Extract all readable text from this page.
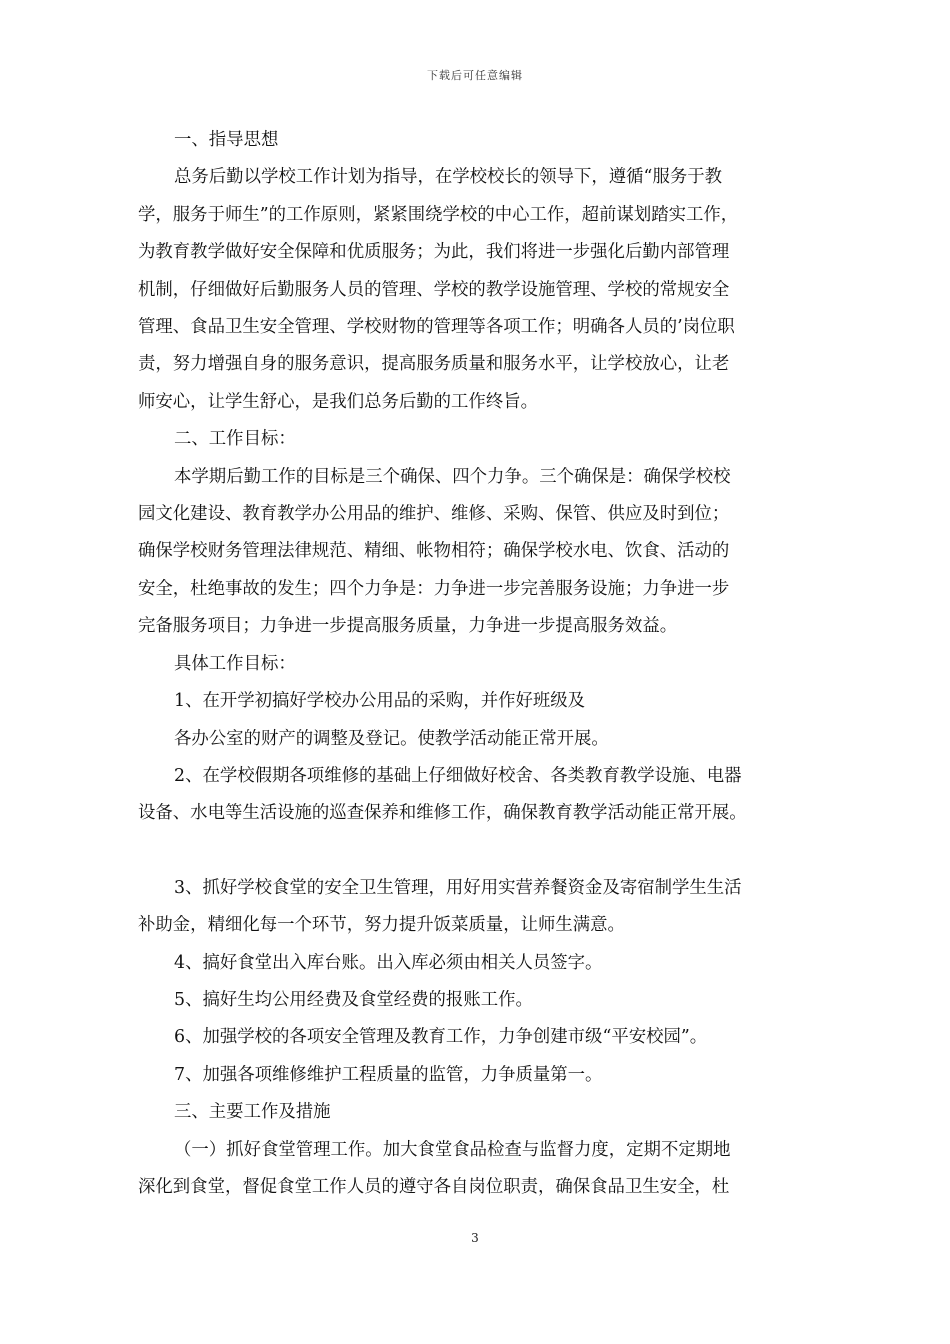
下载后可任意编辑

一、指导思想

总务后勤以学校工作计划为指导，在学校校长的领导下，遵循“服务于教

学，服务于师生”的工作原则，紧紧围绕学校的中心工作，超前谋划踏实工作，

为教育教学做好安全保障和优质服务；为此，我们将进一步强化后勤内部管理

机制，仔细做好后勤服务人员的管理、学校的教学设施管理、学校的常规安全

管理、食品卫生安全管理、学校财物的管理等各项工作；明确各人员的’岗位职

责，努力增强自身的服务意识，提高服务质量和服务水平，让学校放心，让老

师安心，让学生舒心，是我们总务后勤的工作终旨。

二、工作目标：

本学期后勤工作的目标是三个确保、四个力争。三个确保是：确保学校校

园文化建设、教育教学办公用品的维护、维修、采购、保管、供应及时到位；

确保学校财务管理法律规范、精细、帐物相符；确保学校水电、饮食、活动的

安全，杜绝事故的发生；四个力争是：力争进一步完善服务设施；力争进一步

完备服务项目；力争进一步提高服务质量，力争进一步提高服务效益。

具体工作目标：

1、在开学初搞好学校办公用品的采购，并作好班级及

各办公室的财产的调整及登记。使教学活动能正常开展。

2、在学校假期各项维修的基础上仔细做好校舍、各类教育教学设施、电器

设备、水电等生活设施的巡查保养和维修工作，确保教育教学活动能正常开展。

3、抓好学校食堂的安全卫生管理，用好用实营养餐资金及寄宿制学生生活

补助金，精细化每一个环节，努力提升饭菜质量，让师生满意。

4、搞好食堂出入库台账。出入库必须由相关人员签字。

5、搞好生均公用经费及食堂经费的报账工作。

6、加强学校的各项安全管理及教育工作，力争创建市级“平安校园”。

7、加强各项维修维护工程质量的监管，力争质量第一。

三、主要工作及措施

（一）抓好食堂管理工作。加大食堂食品检查与监督力度，定期不定期地

深化到食堂，督促食堂工作人员的遵守各自岗位职责，确保食品卫生安全，杜

3
